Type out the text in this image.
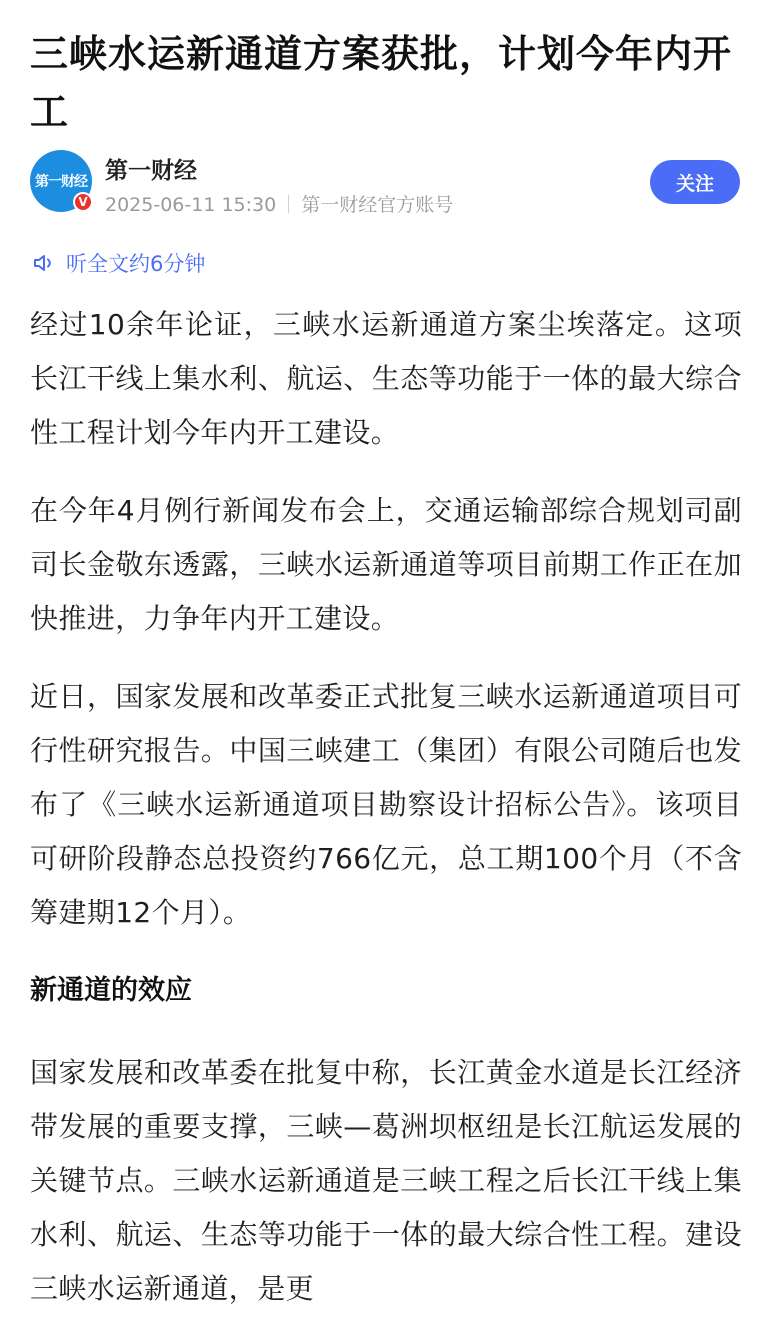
三峡水运新通道方案获批，计划今年内开工
第一财经
V
第一财经
2025-06-11 15:30 第一财经官方账号
关注
听全文约6分钟

经过10余年论证，三峡水运新通道方案尘埃落定。这项长江干线上集水利、航运、生态等功能于一体的最大综合性工程计划今年内开工建设。

在今年4月例行新闻发布会上，交通运输部综合规划司副司长金敬东透露，三峡水运新通道等项目前期工作正在加快推进，力争年内开工建设。

近日，国家发展和改革委正式批复三峡水运新通道项目可行性研究报告。中国三峡建工（集团）有限公司随后也发布了《三峡水运新通道项目勘察设计招标公告》。该项目可研阶段静态总投资约766亿元，总工期100个月（不含筹建期12个月）。

新通道的效应

国家发展和改革委在批复中称，长江黄金水道是长江经济带发展的重要支撑，三峡—葛洲坝枢纽是长江航运发展的关键节点。三峡水运新通道是三峡工程之后长江干线上集水利、航运、生态等功能于一体的最大综合性工程。建设三峡水运新通道，是更
